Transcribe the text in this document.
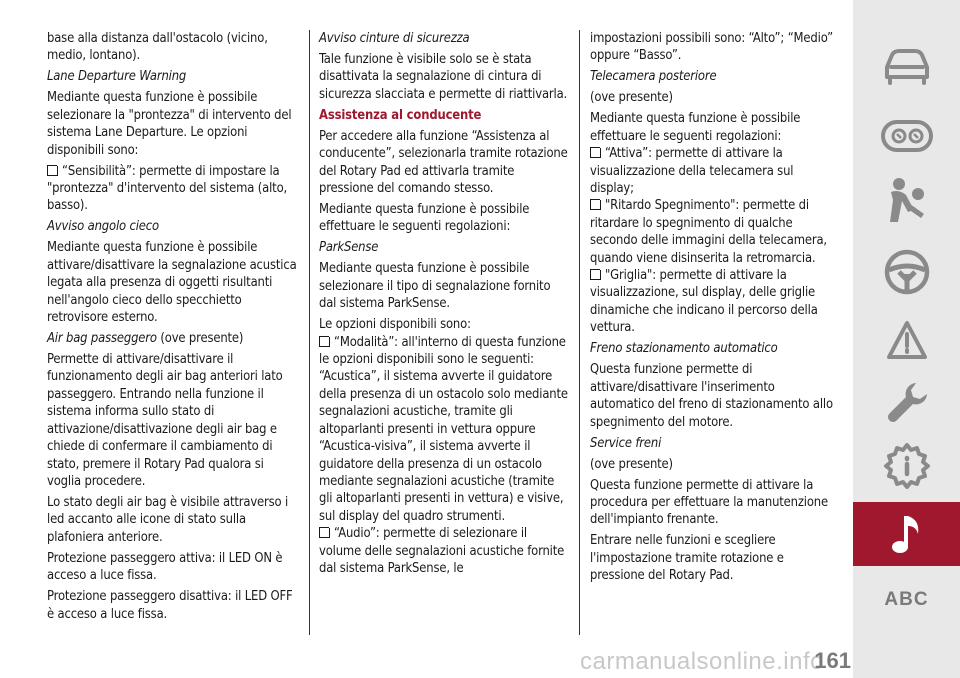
base alla distanza dall'ostacolo (vicino, medio, lontano).

Lane Departure Warning

Mediante questa funzione è possibile selezionare la "prontezza" di intervento del sistema Lane Departure. Le opzioni disponibili sono:

“Sensibilità”: permette di impostare la "prontezza" d'intervento del sistema (alto, basso).

Avviso angolo cieco

Mediante questa funzione è possibile attivare/disattivare la segnalazione acustica legata alla presenza di oggetti risultanti nell'angolo cieco dello specchietto retrovisore esterno.

Air bag passeggero (ove presente)

Permette di attivare/disattivare il funzionamento degli air bag anteriori lato passeggero. Entrando nella funzione il sistema informa sullo stato di attivazione/disattivazione degli air bag e chiede di confermare il cambiamento di stato, premere il Rotary Pad qualora si voglia procedere.

Lo stato degli air bag è visibile attraverso i led accanto alle icone di stato sulla plafoniera anteriore.

Protezione passeggero attiva: il LED ON è acceso a luce fissa.

Protezione passeggero disattiva: il LED OFF è acceso a luce fissa.

Avviso cinture di sicurezza

Tale funzione è visibile solo se è stata disattivata la segnalazione di cintura di sicurezza slacciata e permette di riattivarla.

Assistenza al conducente

Per accedere alla funzione “Assistenza al conducente”, selezionarla tramite rotazione del Rotary Pad ed attivarla tramite pressione del comando stesso.

Mediante questa funzione è possibile effettuare le seguenti regolazioni:

ParkSense

Mediante questa funzione è possibile selezionare il tipo di segnalazione fornito dal sistema ParkSense.

Le opzioni disponibili sono:

“Modalità”: all'interno di questa funzione le opzioni disponibili sono le seguenti: “Acustica”, il sistema avverte il guidatore della presenza di un ostacolo solo mediante segnalazioni acustiche, tramite gli altoparlanti presenti in vettura oppure “Acustica-visiva”, il sistema avverte il guidatore della presenza di un ostacolo mediante segnalazioni acustiche (tramite gli altoparlanti presenti in vettura) e visive, sul display del quadro strumenti.

“Audio”: permette di selezionare il volume delle segnalazioni acustiche fornite dal sistema ParkSense, le

impostazioni possibili sono: “Alto”; “Medio” oppure “Basso”.

Telecamera posteriore

(ove presente)

Mediante questa funzione è possibile effettuare le seguenti regolazioni:

“Attiva”: permette di attivare la visualizzazione della telecamera sul display;

"Ritardo Spegnimento": permette di ritardare lo spegnimento di qualche secondo delle immagini della telecamera, quando viene disinserita la retromarcia.

"Griglia": permette di attivare la visualizzazione, sul display, delle griglie dinamiche che indicano il percorso della vettura.

Freno stazionamento automatico

Questa funzione permette di attivare/disattivare l'inserimento automatico del freno di stazionamento allo spegnimento del motore.

Service freni

(ove presente)

Questa funzione permette di attivare la procedura per effettuare la manutenzione dell'impianto frenante.

Entrare nelle funzioni e scegliere l'impostazione tramite rotazione e pressione del Rotary Pad.

ABC
carmanualsonline.info
161
